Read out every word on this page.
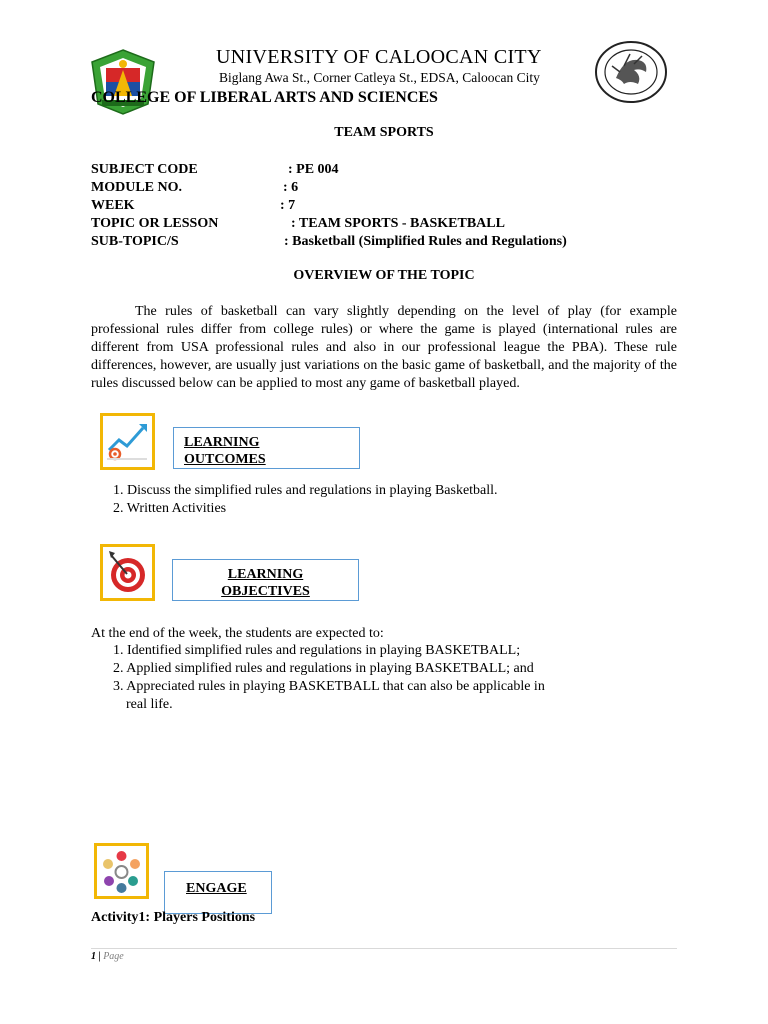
UNIVERSITY OF CALOOCAN CITY
Biglang Awa St., Corner Catleya St., EDSA, Caloocan City
COLLEGE OF LIBERAL ARTS AND SCIENCES
TEAM SPORTS
SUBJECT CODE	: PE 004
MODULE NO.	: 6
WEEK	: 7
TOPIC OR LESSON	: TEAM SPORTS - BASKETBALL
SUB-TOPIC/S	: Basketball (Simplified Rules and Regulations)
OVERVIEW OF THE TOPIC
The rules of basketball can vary slightly depending on the level of play (for example professional rules differ from college rules) or where the game is played (international rules are different from USA professional rules and also in our professional league the PBA). These rule differences, however, are usually just variations on the basic game of basketball, and the majority of the rules discussed below can be applied to most any game of basketball played.
LEARNING
OUTCOMES
1. Discuss the simplified rules and regulations in playing Basketball.
2. Written Activities
LEARNING
OBJECTIVES
At the end of the week, the students are expected to:
1. Identified simplified rules and regulations in playing BASKETBALL;
2. Applied simplified rules and regulations in playing BASKETBALL; and
3. Appreciated rules in playing BASKETBALL that can also be applicable in
real life.
ENGAGE
Activity1: Players Positions
1 | Page
